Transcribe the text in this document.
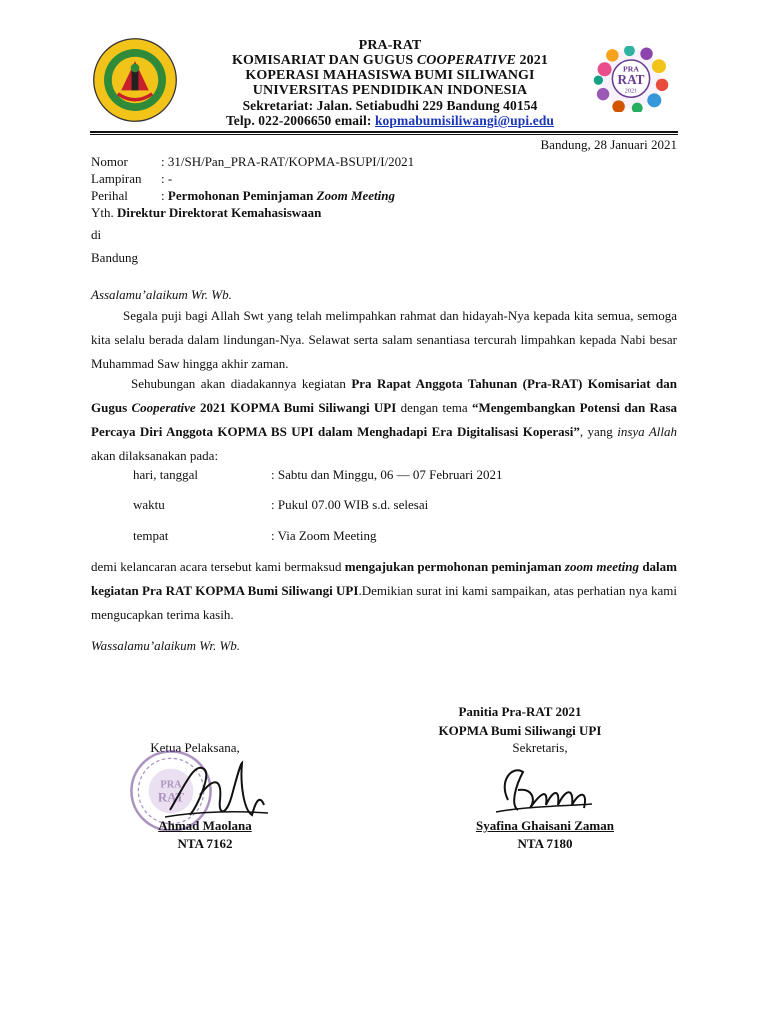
PRA
RAT
2021
PRA-RAT
KOMISARIAT DAN GUGUS COOPERATIVE 2021
KOPERASI MAHASISWA BUMI SILIWANGI
UNIVERSITAS PENDIDIKAN INDONESIA
Sekretariat: Jalan. Setiabudhi 229 Bandung 40154
Telp. 022-2006650 email: kopmabumisiliwangi@upi.edu
Bandung, 28 Januari 2021
Nomor	: 31/SH/Pan_PRA-RAT/KOPMA-BSUPI/I/2021
Lampiran	: -
Perihal	: Permohonan Peminjaman Zoom Meeting
Yth. Direktur Direktorat Kemahasiswaan
di
Bandung
Assalamu’alaikum Wr. Wb.
Segala puji bagi Allah Swt yang telah melimpahkan rahmat dan hidayah-Nya kepada kita semua, semoga kita selalu berada dalam lindungan-Nya. Selawat serta salam senantiasa tercurah limpahkan kepada Nabi besar Muhammad Saw hingga akhir zaman.
Sehubungan akan diadakannya kegiatan Pra Rapat Anggota Tahunan (Pra-RAT) Komisariat dan Gugus Cooperative 2021 KOPMA Bumi Siliwangi UPI dengan tema “Mengembangkan Potensi dan Rasa Percaya Diri Anggota KOPMA BS UPI dalam Menghadapi Era Digitalisasi Koperasi”, yang insya Allah akan dilaksanakan pada:
hari, tanggal	: Sabtu dan Minggu, 06 — 07 Februari 2021
waktu	: Pukul 07.00 WIB s.d. selesai
tempat	: Via Zoom Meeting
demi kelancaran acara tersebut kami bermaksud mengajukan permohonan peminjaman zoom meeting dalam kegiatan Pra RAT KOPMA Bumi Siliwangi UPI.Demikian surat ini kami sampaikan, atas perhatian nya kami mengucapkan terima kasih.
Wassalamu’alaikum Wr. Wb.
Panitia Pra-RAT 2021
KOPMA Bumi Siliwangi UPI
Ketua Pelaksana,	Sekretaris,
PRA
RAT
Ahmad Maolana
NTA 7162
Syafina Ghaisani Zaman
NTA 7180
